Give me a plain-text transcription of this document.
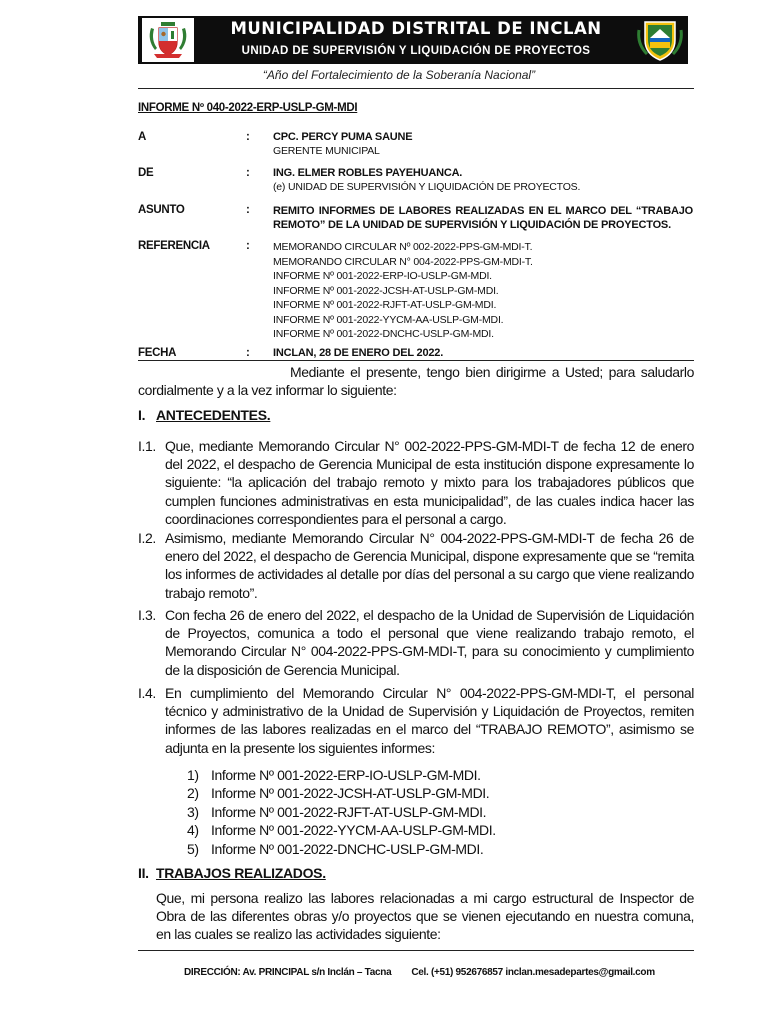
MUNICIPALIDAD DISTRITAL DE INCLAN
UNIDAD DE SUPERVISIÓN Y LIQUIDACIÓN DE PROYECTOS
“Año del Fortalecimiento de la Soberanía Nacional”
INFORME Nº 040-2022-ERP-USLP-GM-MDI
A	: CPC. PERCY PUMA SAUNE
GERENTE MUNICIPAL
DE	: ING. ELMER ROBLES PAYEHUANCA.
(e) UNIDAD DE SUPERVISIÓN Y LIQUIDACIÓN DE PROYECTOS.
ASUNTO	: REMITO INFORMES DE LABORES REALIZADAS EN EL MARCO DEL “TRABAJO REMOTO” DE LA UNIDAD DE SUPERVISIÓN Y LIQUIDACIÓN DE PROYECTOS.
REFERENCIA	: MEMORANDO CIRCULAR Nº 002-2022-PPS-GM-MDI-T.
MEMORANDO CIRCULAR N° 004-2022-PPS-GM-MDI-T.
INFORME Nº 001-2022-ERP-IO-USLP-GM-MDI.
INFORME Nº 001-2022-JCSH-AT-USLP-GM-MDI.
INFORME Nº 001-2022-RJFT-AT-USLP-GM-MDI.
INFORME Nº 001-2022-YYCM-AA-USLP-GM-MDI.
INFORME Nº 001-2022-DNCHC-USLP-GM-MDI.
FECHA	: INCLAN, 28 DE ENERO DEL 2022.
Mediante el presente, tengo bien dirigirme a Usted; para saludarlo cordialmente y a la vez informar lo siguiente:
I. ANTECEDENTES.
I.1. Que, mediante Memorando Circular N° 002-2022-PPS-GM-MDI-T de fecha 12 de enero del 2022, el despacho de Gerencia Municipal de esta institución dispone expresamente lo siguiente: “la aplicación del trabajo remoto y mixto para los trabajadores públicos que cumplen funciones administrativas en esta municipalidad”, de las cuales indica hacer las coordinaciones correspondientes para el personal a cargo.
I.2. Asimismo, mediante Memorando Circular N° 004-2022-PPS-GM-MDI-T de fecha 26 de enero del 2022, el despacho de Gerencia Municipal, dispone expresamente que se “remita los informes de actividades al detalle por días del personal a su cargo que viene realizando trabajo remoto”.
I.3. Con fecha 26 de enero del 2022, el despacho de la Unidad de Supervisión de Liquidación de Proyectos, comunica a todo el personal que viene realizando trabajo remoto, el Memorando Circular N° 004-2022-PPS-GM-MDI-T, para su conocimiento y cumplimiento de la disposición de Gerencia Municipal.
I.4. En cumplimiento del Memorando Circular N° 004-2022-PPS-GM-MDI-T, el personal técnico y administrativo de la Unidad de Supervisión y Liquidación de Proyectos, remiten informes de las labores realizadas en el marco del “TRABAJO REMOTO”, asimismo se adjunta en la presente los siguientes informes:
1) Informe Nº 001-2022-ERP-IO-USLP-GM-MDI.
2) Informe Nº 001-2022-JCSH-AT-USLP-GM-MDI.
3) Informe Nº 001-2022-RJFT-AT-USLP-GM-MDI.
4) Informe Nº 001-2022-YYCM-AA-USLP-GM-MDI.
5) Informe Nº 001-2022-DNCHC-USLP-GM-MDI.
II. TRABAJOS REALIZADOS.
Que, mi persona realizo las labores relacionadas a mi cargo estructural de Inspector de Obra de las diferentes obras y/o proyectos que se vienen ejecutando en nuestra comuna, en las cuales se realizo las actividades siguiente:
DIRECCIÓN: Av. PRINCIPAL s/n Inclán – Tacna Cel. (+51) 952676857 inclan.mesadepartes@gmail.com
